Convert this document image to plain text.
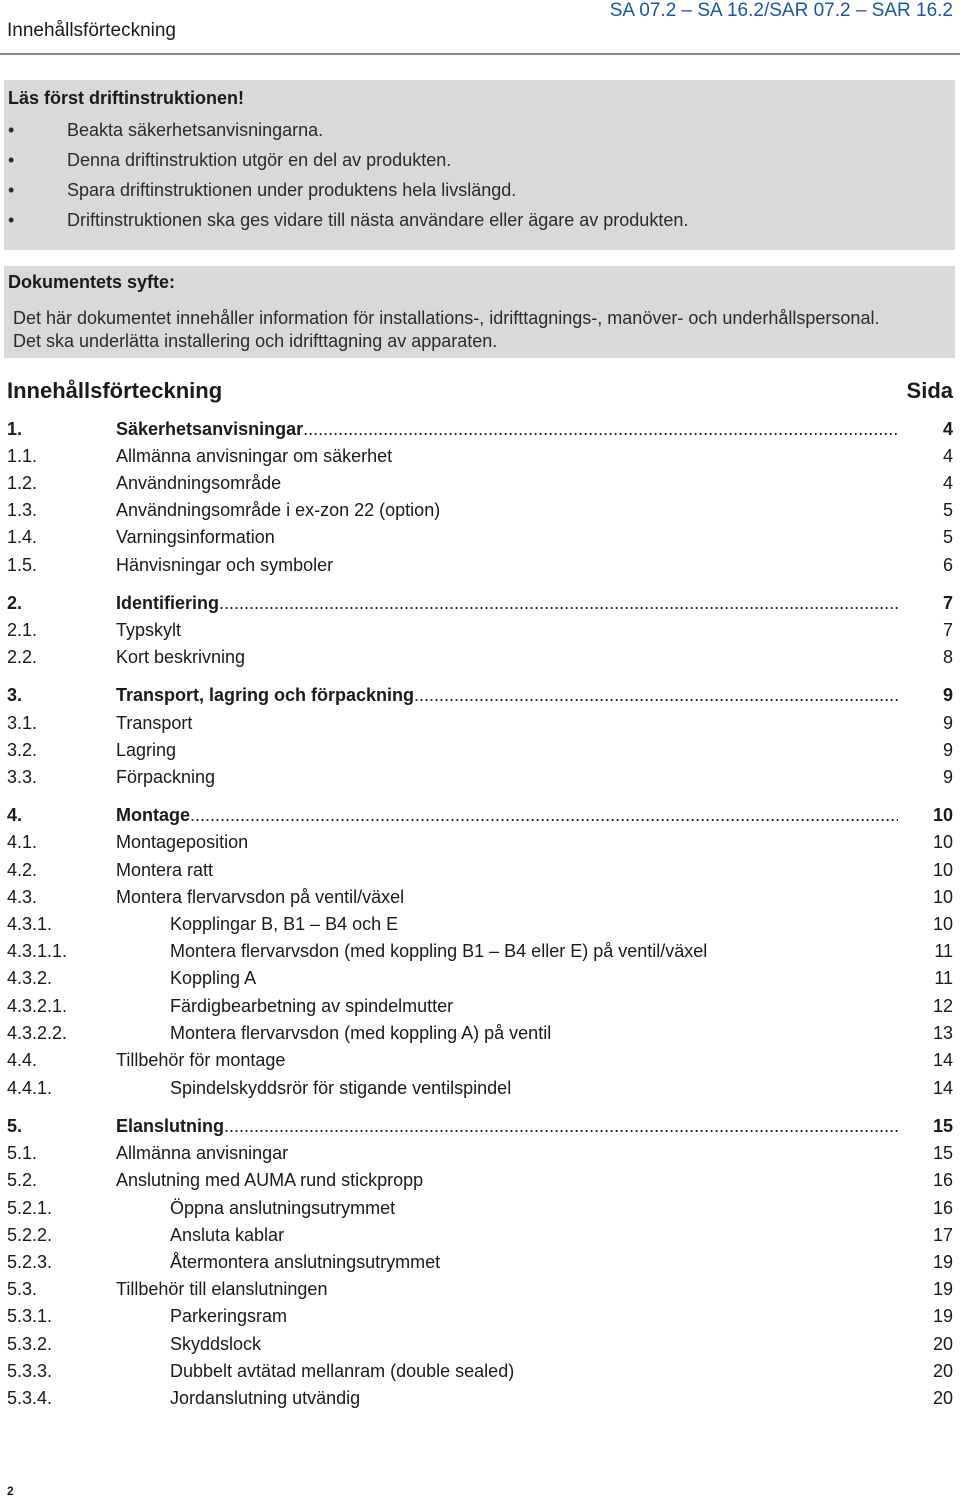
Innehållsförteckning
SA 07.2 – SA 16.2/SAR 07.2 – SAR 16.2
Läs först driftinstruktionen!
•	Beakta säkerhetsanvisningarna.
•	Denna driftinstruktion utgör en del av produkten.
•	Spara driftinstruktionen under produktens hela livslängd.
•	Driftinstruktionen ska ges vidare till nästa användare eller ägare av produkten.
Dokumentets syfte:
Det här dokumentet innehåller information för installations-, idrifttagnings-, manöver- och underhållspersonal.
Det ska underlätta installering och idrifttagning av apparaten.
Innehållsförteckning	Sida
1.	Säkerhetsanvisningar .....	4
1.1.	Allmänna anvisningar om säkerhet	4
1.2.	Användningsområde	4
1.3.	Användningsområde i ex-zon 22 (option)	5
1.4.	Varningsinformation	5
1.5.	Hänvisningar och symboler	6
2.	Identifiering .....	7
2.1.	Typskylt	7
2.2.	Kort beskrivning	8
3.	Transport, lagring och förpackning .....	9
3.1.	Transport	9
3.2.	Lagring	9
3.3.	Förpackning	9
4.	Montage .....	10
4.1.	Montageposition	10
4.2.	Montera ratt	10
4.3.	Montera flervarvsdon på ventil/växel	10
4.3.1.	Kopplingar B, B1 – B4 och E	10
4.3.1.1.	Montera flervarvsdon (med koppling B1 – B4 eller E) på ventil/växel	11
4.3.2.	Koppling A	11
4.3.2.1.	Färdigbearbetning av spindelmutter	12
4.3.2.2.	Montera flervarvsdon (med koppling A) på ventil	13
4.4.	Tillbehör för montage	14
4.4.1.	Spindelskyddsrör för stigande ventilspindel	14
5.	Elanslutning .....	15
5.1.	Allmänna anvisningar	15
5.2.	Anslutning med AUMA rund stickpropp	16
5.2.1.	Öppna anslutningsutrymmet	16
5.2.2.	Ansluta kablar	17
5.2.3.	Återmontera anslutningsutrymmet	19
5.3.	Tillbehör till elanslutningen	19
5.3.1.	Parkeringsram	19
5.3.2.	Skyddslock	20
5.3.3.	Dubbelt avtätad mellanram (double sealed)	20
5.3.4.	Jordanslutning utvändig	20
2
